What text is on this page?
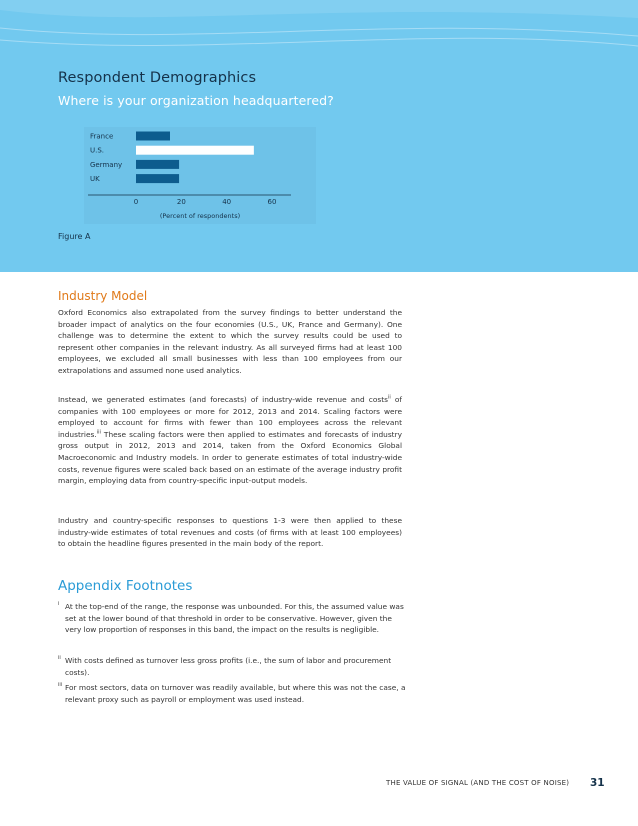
Respondent Demographics
Where is your organization headquartered?
France
U.S.
Germany
UK
0	20	40	60
(Percent of respondents)
Figure A
Industry Model

Oxford Economics also extrapolated from the survey findings to better understand the broader impact of analytics on the four economies (U.S., UK, France and Germany). One challenge was to determine the extent to which the survey results could be used to represent other companies in the relevant industry. As all surveyed firms had at least 100 employees, we excluded all small businesses with less than 100 employees from our extrapolations and assumed none used analytics.

Instead, we generated estimates (and forecasts) of industry-wide revenue and costs$^{ii}$ of companies with 100 employees or more for 2012, 2013 and 2014. Scaling factors were employed to account for firms with fewer than 100 employees across the relevant industries.$^{iii}$ These scaling factors were then applied to estimates and forecasts of industry gross output in 2012, 2013 and 2014, taken from the Oxford Economics Global Macroeconomic and Industry models. In order to generate estimates of total industry-wide costs, revenue figures were scaled back based on an estimate of the average industry profit margin, employing data from country-specific input-output models.

Industry and country-specific responses to questions 1-3 were then applied to these industry-wide estimates of total revenues and costs (of firms with at least 100 employees) to obtain the headline figures presented in the main body of the report.

Appendix Footnotes
i At the top-end of the range, the response was unbounded. For this, the assumed value was set at the lower bound of that threshold in order to be conservative. However, given the very low proportion of responses in this band, the impact on the results is negligible.
ii With costs defined as turnover less gross profits (i.e., the sum of labor and procurement costs).
iii For most sectors, data on turnover was readily available, but where this was not the case, a relevant proxy such as payroll or employment was used instead.
THE VALUE OF SIGNAL (AND THE COST OF NOISE) 31
